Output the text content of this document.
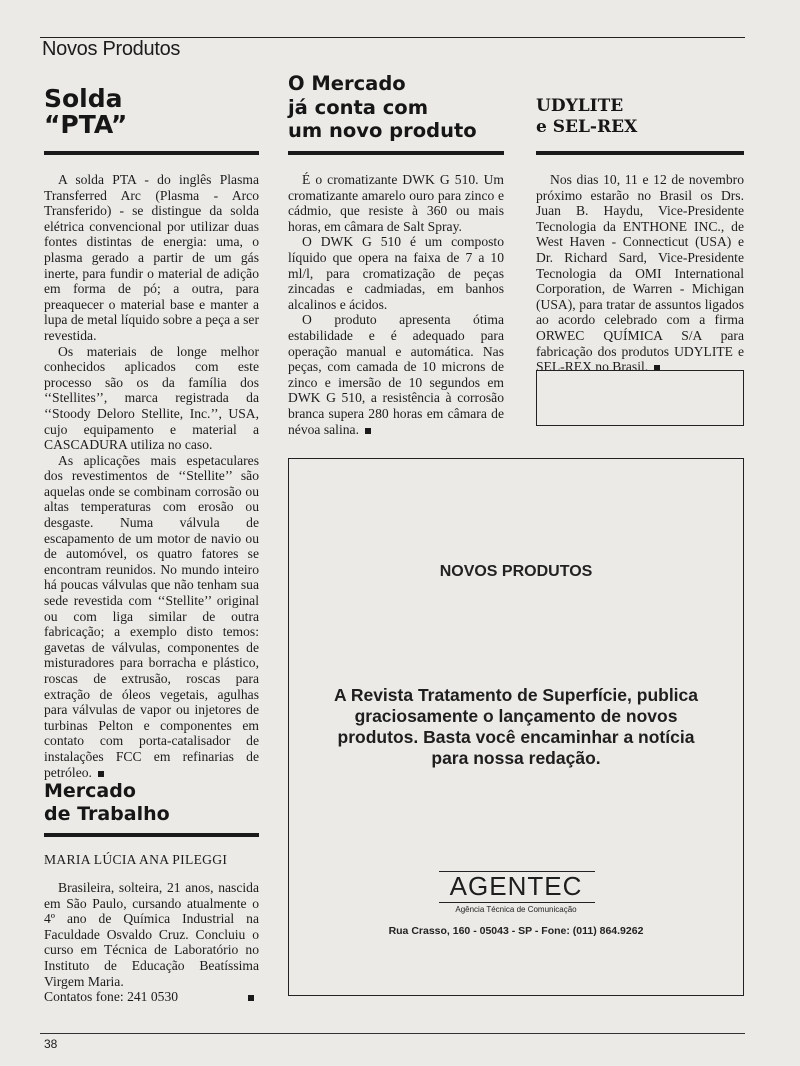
Novos Produtos
Solda
“PTA”

A solda PTA - do inglês Plasma Transferred Arc (Plasma - Arco Transferido) - se distingue da solda elétrica convencional por utilizar duas fontes distintas de energia: uma, o plasma gerado a partir de um gás inerte, para fundir o material de adição em forma de pó; a outra, para preaquecer o material base e manter a lupa de metal líquido sobre a peça a ser revestida.

Os materiais de longe melhor conhecidos aplicados com este processo são os da família dos ‘‘Stellites’’, marca registrada da ‘‘Stoody Deloro Stellite, Inc.’’, USA, cujo equipamento e material a CASCADURA utiliza no caso.

As aplicações mais espetaculares dos revestimentos de ‘‘Stellite’’ são aquelas onde se combinam corrosão ou altas temperaturas com erosão ou desgaste. Numa válvula de escapamento de um motor de navio ou de automóvel, os quatro fatores se encontram reunidos. No mundo inteiro há poucas válvulas que não tenham sua sede revestida com ‘‘Stellite’’ original ou com liga similar de outra fabricação; a exemplo disto temos: gavetas de válvulas, componentes de misturadores para borracha e plástico, roscas de extrusão, roscas para extração de óleos vegetais, agulhas para válvulas de vapor ou injetores de turbinas Pelton e componentes em contato com porta-catalisador de instalações FCC em refinarias de petróleo.

Mercado
de Trabalho
MARIA LÚCIA ANA PILEGGI

Brasileira, solteira, 21 anos, nascida em São Paulo, cursando atualmente o 4º ano de Química Industrial na Faculdade Osvaldo Cruz. Concluiu o curso em Técnica de Laboratório no Instituto de Educação Beatíssima Virgem Maria.

Contatos fone: 241 0530
O Mercado
já conta com
um novo produto

É o cromatizante DWK G 510. Um cromatizante amarelo ouro para zinco e cádmio, que resiste à 360 ou mais horas, em câmara de Salt Spray.

O DWK G 510 é um composto líquido que opera na faixa de 7 a 10 ml/l, para cromatização de peças zincadas e cadmiadas, em banhos alcalinos e ácidos.

O produto apresenta ótima estabilidade e é adequado para operação manual e automática. Nas peças, com camada de 10 microns de zinco e imersão de 10 segundos em DWK G 510, a resistência à corrosão branca supera 280 horas em câmara de névoa salina.

UDYLITE
e SEL-REX

Nos dias 10, 11 e 12 de novembro próximo estarão no Brasil os Drs. Juan B. Haydu, Vice-Presidente Tecnologia da ENTHONE INC., de West Haven - Connecticut (USA) e Dr. Richard Sard, Vice-Presidente Tecnologia da OMI International Corporation, de Warren - Michigan (USA), para tratar de assuntos ligados ao acordo celebrado com a firma ORWEC QUÍMICA S/A para fabricação dos produtos UDYLITE e SEL-REX no Brasil.

NOVOS PRODUTOS
A Revista Tratamento de Superfície, publica graciosamente o lançamento de novos produtos. Basta você encaminhar a notícia para nossa redação.
AGENTEC
Agência Técnica de Comunicação
Rua Crasso, 160 - 05043 - SP - Fone: (011) 864.9262
38
